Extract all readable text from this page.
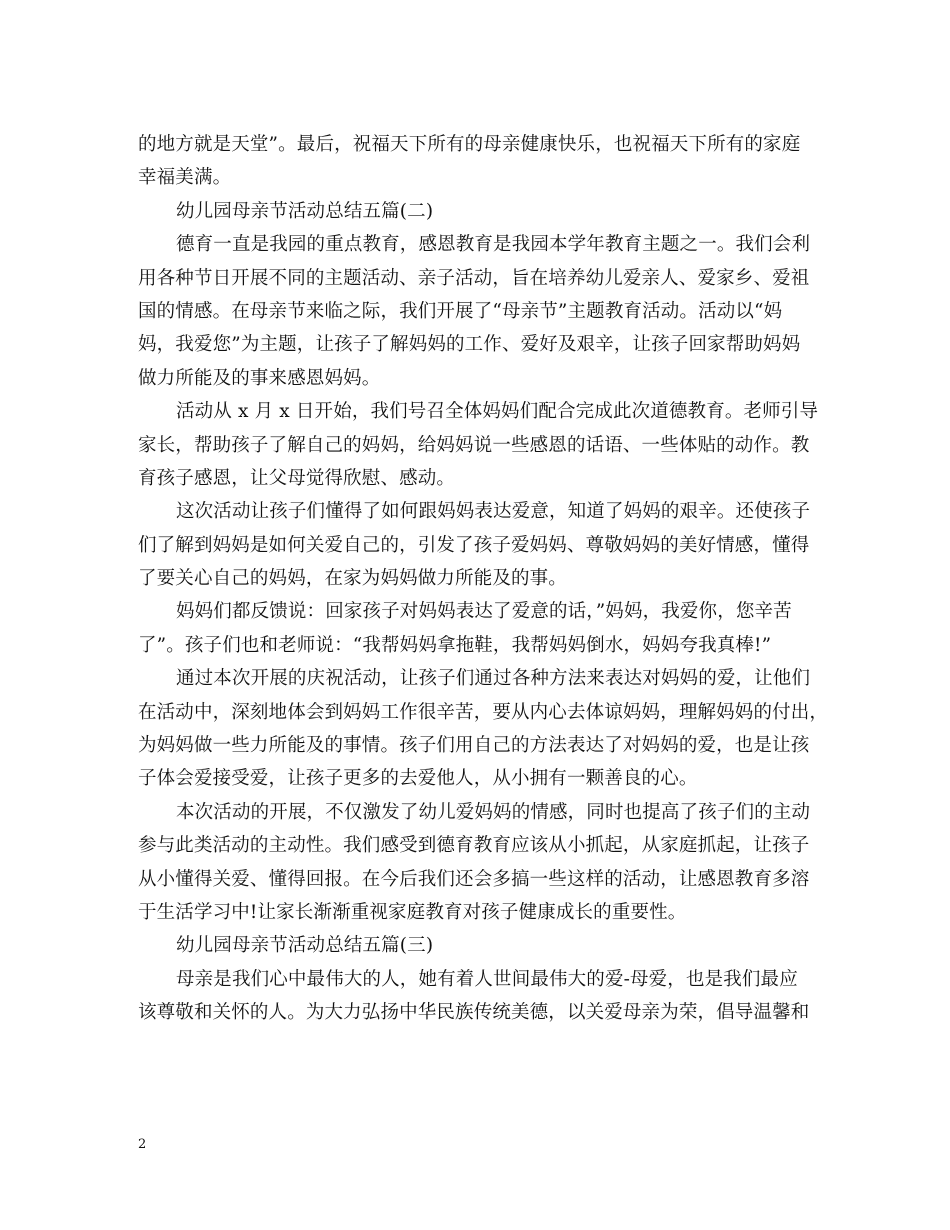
的地方就是天堂”。最后，祝福天下所有的母亲健康快乐，也祝福天下所有的家庭
幸福美满。
幼儿园母亲节活动总结五篇(二)
德育一直是我园的重点教育，感恩教育是我园本学年教育主题之一。我们会利
用各种节日开展不同的主题活动、亲子活动，旨在培养幼儿爱亲人、爱家乡、爱祖
国的情感。在母亲节来临之际，我们开展了“母亲节”主题教育活动。活动以“妈
妈，我爱您”为主题，让孩子了解妈妈的工作、爱好及艰辛，让孩子回家帮助妈妈
做力所能及的事来感恩妈妈。
活动从 x 月 x 日开始，我们号召全体妈妈们配合完成此次道德教育。老师引导
家长，帮助孩子了解自己的妈妈，给妈妈说一些感恩的话语、一些体贴的动作。教
育孩子感恩，让父母觉得欣慰、感动。
这次活动让孩子们懂得了如何跟妈妈表达爱意，知道了妈妈的艰辛。还使孩子
们了解到妈妈是如何关爱自己的，引发了孩子爱妈妈、尊敬妈妈的美好情感，懂得
了要关心自己的妈妈，在家为妈妈做力所能及的事。
妈妈们都反馈说：回家孩子对妈妈表达了爱意的话，”妈妈，我爱你，您辛苦
了”。孩子们也和老师说：“我帮妈妈拿拖鞋，我帮妈妈倒水，妈妈夸我真棒!”
通过本次开展的庆祝活动，让孩子们通过各种方法来表达对妈妈的爱，让他们
在活动中，深刻地体会到妈妈工作很辛苦，要从内心去体谅妈妈，理解妈妈的付出，
为妈妈做一些力所能及的事情。孩子们用自己的方法表达了对妈妈的爱，也是让孩
子体会爱接受爱，让孩子更多的去爱他人，从小拥有一颗善良的心。
本次活动的开展，不仅激发了幼儿爱妈妈的情感，同时也提高了孩子们的主动
参与此类活动的主动性。我们感受到德育教育应该从小抓起，从家庭抓起，让孩子
从小懂得关爱、懂得回报。在今后我们还会多搞一些这样的活动，让感恩教育多溶
于生活学习中!让家长渐渐重视家庭教育对孩子健康成长的重要性。
幼儿园母亲节活动总结五篇(三)
母亲是我们心中最伟大的人，她有着人世间最伟大的爱-母爱，也是我们最应
该尊敬和关怀的人。为大力弘扬中华民族传统美德，以关爱母亲为荣，倡导温馨和
2
